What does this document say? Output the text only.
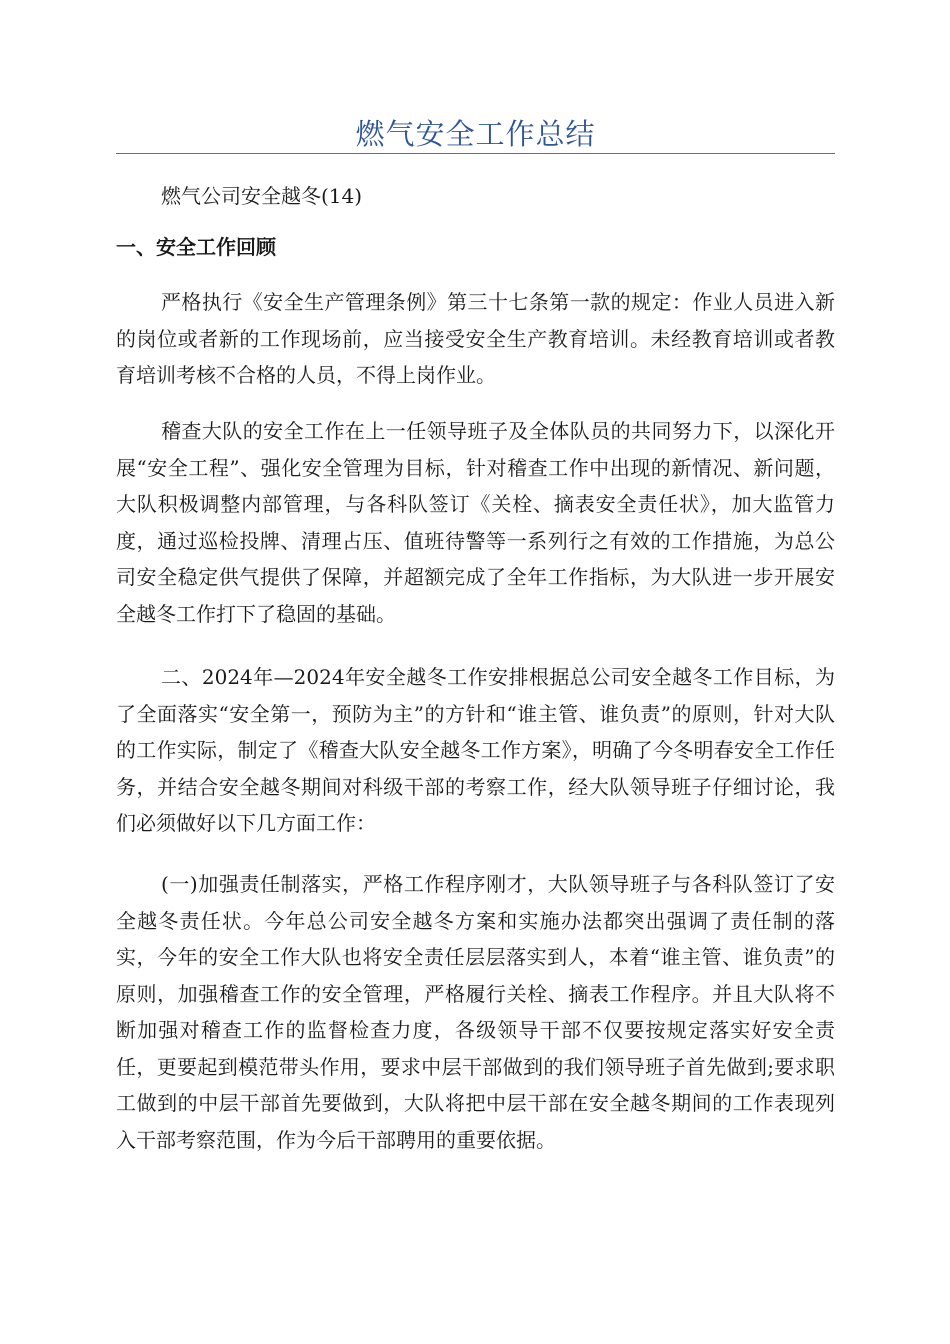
燃气安全工作总结
燃气公司安全越冬(14)
一、安全工作回顾

严格执行《安全生产管理条例》第三十七条第一款的规定：作业人员进入新的岗位或者新的工作现场前，应当接受安全生产教育培训。未经教育培训或者教育培训考核不合格的人员，不得上岗作业。

稽查大队的安全工作在上一任领导班子及全体队员的共同努力下，以深化开展“安全工程”、强化安全管理为目标，针对稽查工作中出现的新情况、新问题，大队积极调整内部管理，与各科队签订《关栓、摘表安全责任状》，加大监管力度，通过巡检投牌、清理占压、值班待警等一系列行之有效的工作措施，为总公司安全稳定供气提供了保障，并超额完成了全年工作指标，为大队进一步开展安全越冬工作打下了稳固的基础。

二、2024年—2024年安全越冬工作安排根据总公司安全越冬工作目标，为了全面落实“安全第一，预防为主”的方针和“谁主管、谁负责”的原则，针对大队的工作实际，制定了《稽查大队安全越冬工作方案》，明确了今冬明春安全工作任务，并结合安全越冬期间对科级干部的考察工作，经大队领导班子仔细讨论，我们必须做好以下几方面工作：

(一)加强责任制落实，严格工作程序刚才，大队领导班子与各科队签订了安全越冬责任状。今年总公司安全越冬方案和实施办法都突出强调了责任制的落实，今年的安全工作大队也将安全责任层层落实到人，本着“谁主管、谁负责”的原则，加强稽查工作的安全管理，严格履行关栓、摘表工作程序。并且大队将不断加强对稽查工作的监督检查力度，各级领导干部不仅要按规定落实好安全责任，更要起到模范带头作用，要求中层干部做到的我们领导班子首先做到;要求职工做到的中层干部首先要做到，大队将把中层干部在安全越冬期间的工作表现列入干部考察范围，作为今后干部聘用的重要依据。
